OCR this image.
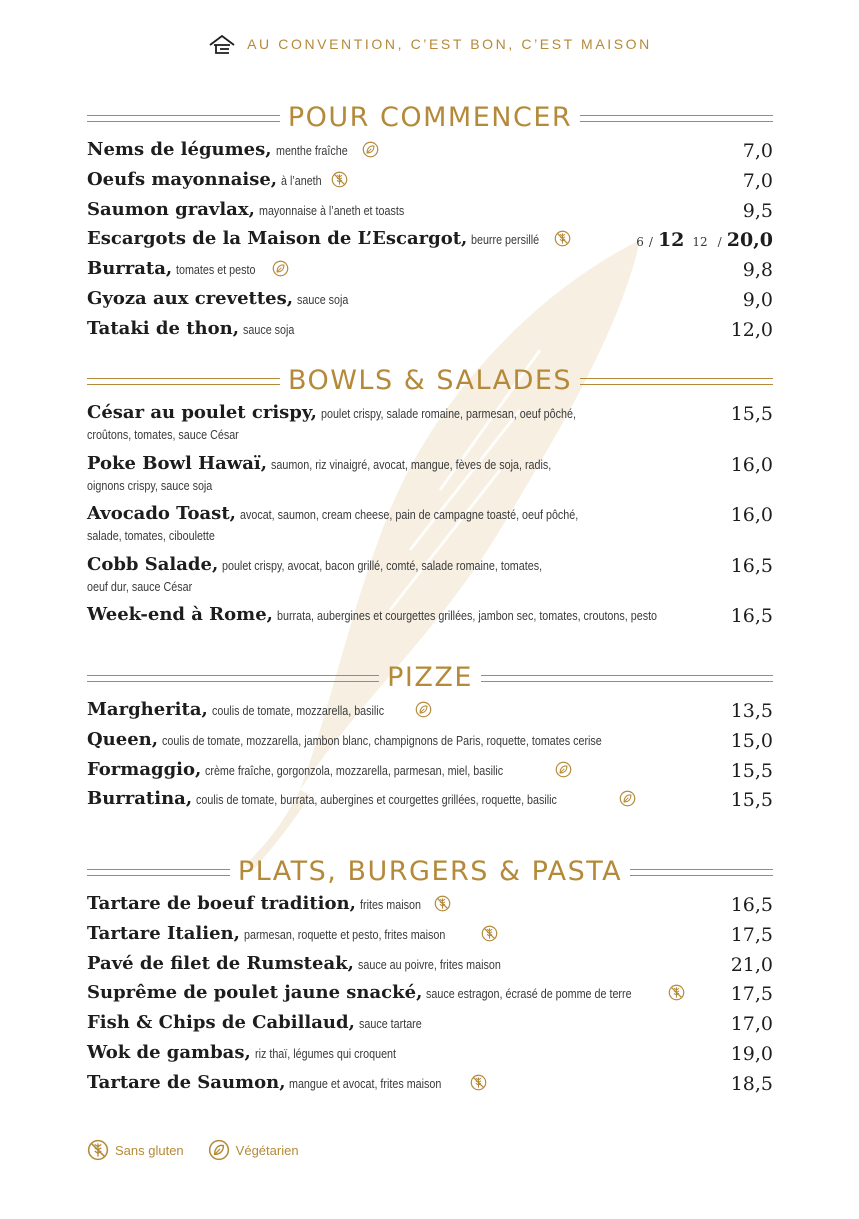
AU CONVENTION, C’EST BON, C’EST MAISON
POUR COMMENCER
Nems de légumes, menthe fraîche	7,0
Oeufs mayonnaise, à l’aneth	7,0
Saumon gravlax, mayonnaise à l’aneth et toasts	9,5
Escargots de la Maison de L’Escargot, beurre persillé	6 / 12 12 / 20,0
Burrata, tomates et pesto	9,8
Gyoza aux crevettes, sauce soja	9,0
Tataki de thon, sauce soja	12,0
BOWLS & SALADES
César au poulet crispy, poulet crispy, salade romaine, parmesan, oeuf pôché,
croûtons, tomates, sauce César
15,5
Poke Bowl Hawaï, saumon, riz vinaigré, avocat, mangue, fèves de soja, radis,
oignons crispy, sauce soja
16,0
Avocado Toast, avocat, saumon, cream cheese, pain de campagne toasté, oeuf pôché,
salade, tomates, ciboulette
16,0
Cobb Salade, poulet crispy, avocat, bacon grillé, comté, salade romaine, tomates,
oeuf dur, sauce César
16,5
Week-end à Rome, burrata, aubergines et courgettes grillées, jambon sec, tomates, croutons, pesto	16,5
PIZZE
Margherita, coulis de tomate, mozzarella, basilic	13,5
Queen, coulis de tomate, mozzarella, jambon blanc, champignons de Paris, roquette, tomates cerise	15,0
Formaggio, crème fraîche, gorgonzola, mozzarella, parmesan, miel, basilic	15,5
Burratina, coulis de tomate, burrata, aubergines et courgettes grillées, roquette, basilic	15,5
PLATS, BURGERS & PASTA
Tartare de boeuf tradition, frites maison	16,5
Tartare Italien, parmesan, roquette et pesto, frites maison	17,5
Pavé de filet de Rumsteak, sauce au poivre, frites maison	21,0
Suprême de poulet jaune snacké, sauce estragon, écrasé de pomme de terre	17,5
Fish & Chips de Cabillaud, sauce tartare	17,0
Wok de gambas, riz thaï, légumes qui croquent	19,0
Tartare de Saumon, mangue et avocat, frites maison	18,5
Sans gluten	Végétarien
